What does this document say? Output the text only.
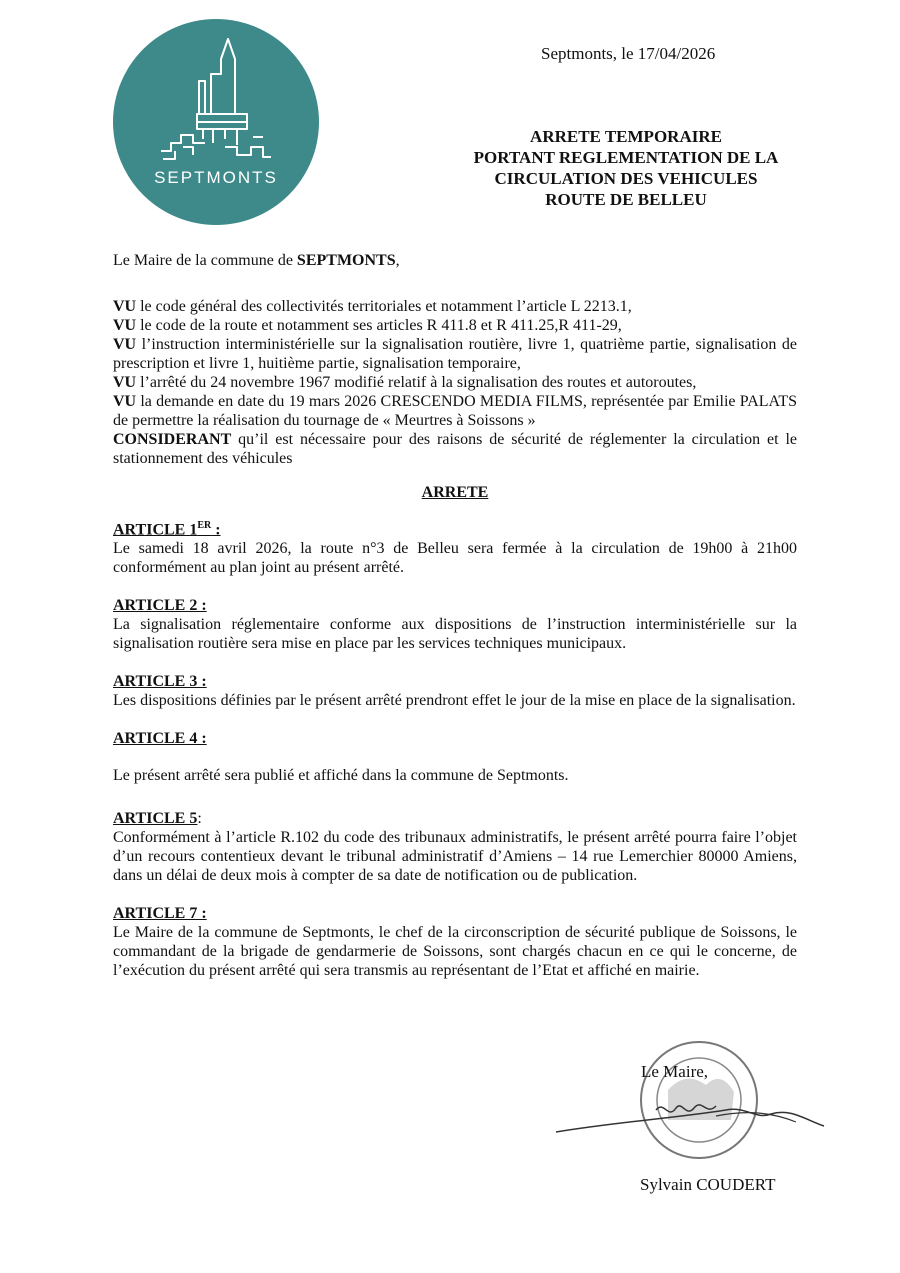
SEPTMONTS
Septmonts, le 17/04/2026
ARRETE TEMPORAIRE
PORTANT REGLEMENTATION DE LA
CIRCULATION DES VEHICULES
ROUTE DE BELLEU

Le Maire de la commune de SEPTMONTS,

VU le code général des collectivités territoriales et notamment l’article L 2213.1,

VU le code de la route et notamment ses articles R 411.8 et R 411.25,R 411-29,

VU l’instruction interministérielle sur la signalisation routière, livre 1, quatrième partie, signalisation de prescription et livre 1, huitième partie, signalisation temporaire,

VU l’arrêté du 24 novembre 1967 modifié relatif à la signalisation des routes et autoroutes,

VU la demande en date du 19 mars 2026 CRESCENDO MEDIA FILMS, représentée par Emilie PALATS de permettre la réalisation du tournage de « Meurtres à Soissons »

CONSIDERANT qu’il est nécessaire pour des raisons de sécurité de réglementer la circulation et le stationnement des véhicules

ARRETE
ARTICLE 1ER :

Le samedi 18 avril 2026, la route n°3 de Belleu sera fermée à la circulation de 19h00 à 21h00 conformément au plan joint au présent arrêté.

ARTICLE 2 :

La signalisation réglementaire conforme aux dispositions de l’instruction interministérielle sur la signalisation routière sera mise en place par les services techniques municipaux.

ARTICLE 3 :

Les dispositions définies par le présent arrêté prendront effet le jour de la mise en place de la signalisation.

ARTICLE 4 :

Le présent arrêté sera publié et affiché dans la commune de Septmonts.

ARTICLE 5:

Conformément à l’article R.102 du code des tribunaux administratifs, le présent arrêté pourra faire l’objet d’un recours contentieux devant le tribunal administratif d’Amiens – 14 rue Lemerchier 80000 Amiens, dans un délai de deux mois à compter de sa date de notification ou de publication.

ARTICLE 7 :

Le Maire de la commune de Septmonts, le chef de la circonscription de sécurité publique de Soissons, le commandant de la brigade de gendarmerie de Soissons, sont chargés chacun en ce qui le concerne, de l’exécution du présent arrêté qui sera transmis au représentant de l’Etat et affiché en mairie.

Le Maire,
Sylvain COUDERT
